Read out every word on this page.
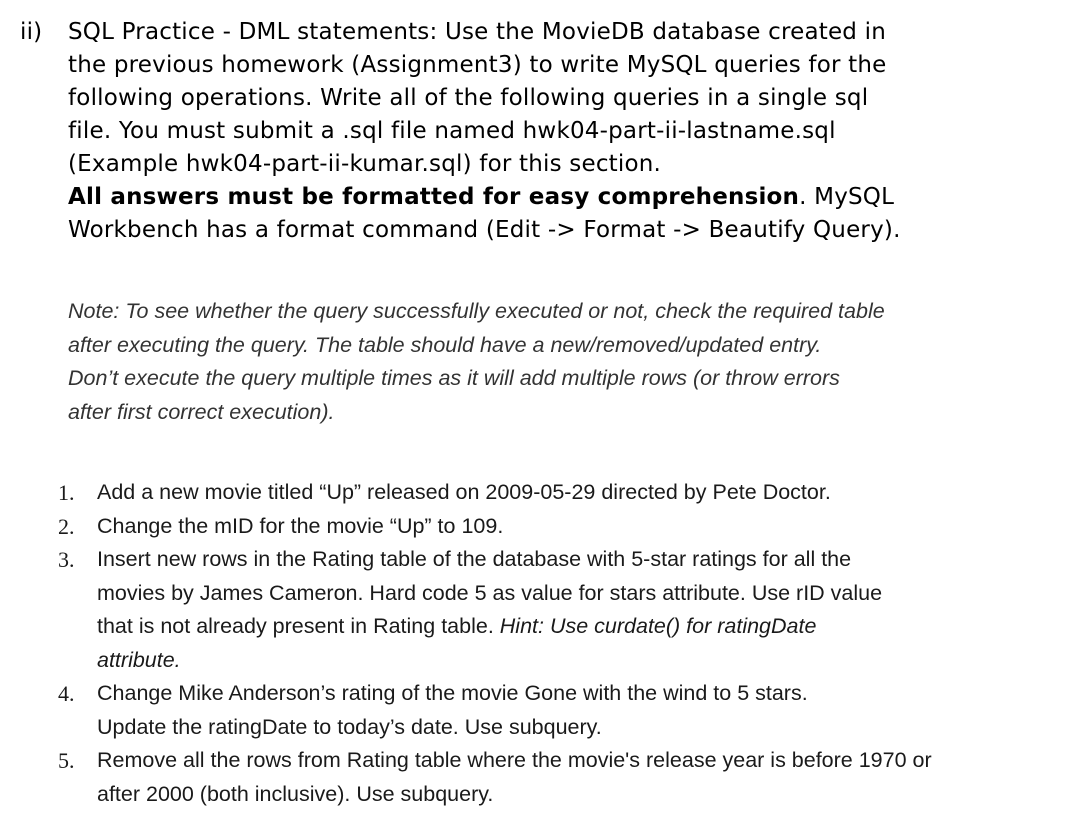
ii)	SQL Practice - DML statements: Use the MovieDB database created in
the previous homework (Assignment3) to write MySQL queries for the
following operations. Write all of the following queries in a single sql
file. You must submit a .sql file named hwk04-part-ii-lastname.sql
(Example hwk04-part-ii-kumar.sql) for this section.
All answers must be formatted for easy comprehension. MySQL
Workbench has a format command (Edit -> Format -> Beautify Query).
Note: To see whether the query successfully executed or not, check the required table
after executing the query. The table should have a new/removed/updated entry.
Don’t execute the query multiple times as it will add multiple rows (or throw errors
after first correct execution).
1. Add a new movie titled “Up” released on 2009-05-29 directed by Pete Doctor.
2. Change the mID for the movie “Up” to 109.
3. Insert new rows in the Rating table of the database with 5-star ratings for all the
movies by James Cameron. Hard code 5 as value for stars attribute. Use rID value
that is not already present in Rating table. Hint: Use curdate() for ratingDate
attribute.
4. Change Mike Anderson’s rating of the movie Gone with the wind to 5 stars.
Update the ratingDate to today’s date. Use subquery.
5. Remove all the rows from Rating table where the movie's release year is before 1970 or
after 2000 (both inclusive). Use subquery.
